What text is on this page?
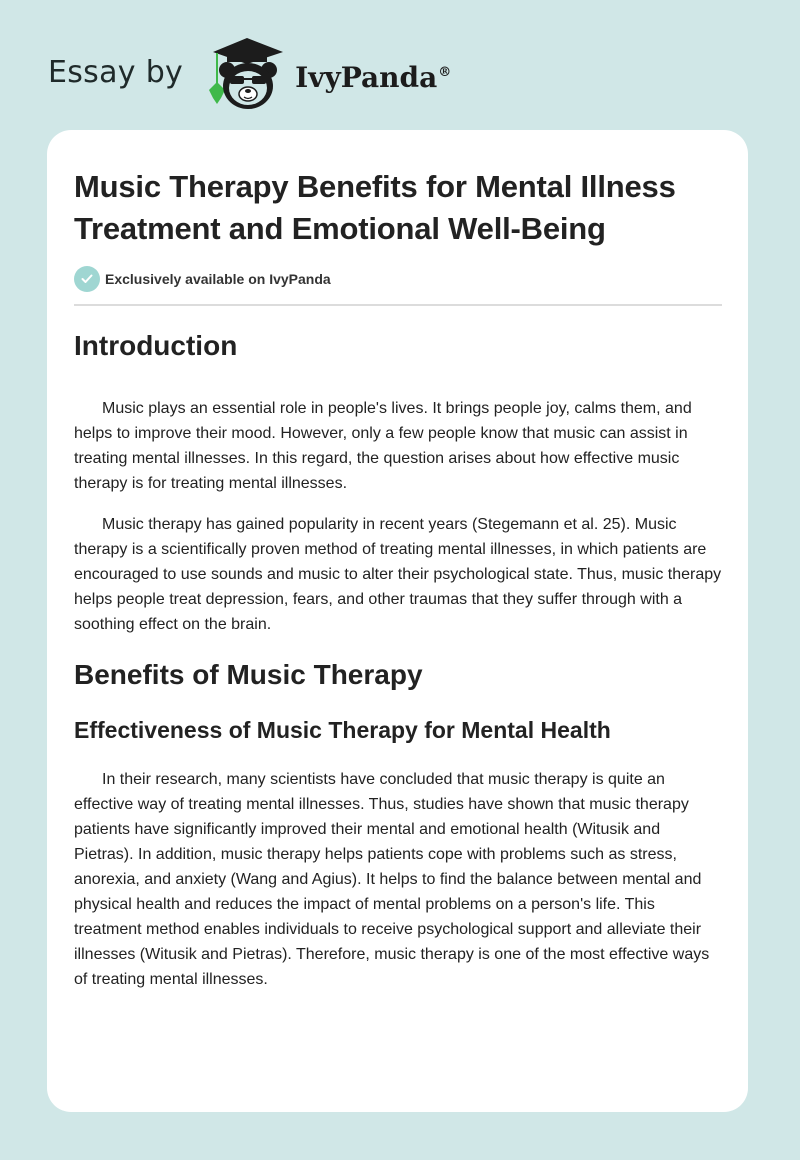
Essay by	IvyPanda®
Music Therapy Benefits for Mental Illness Treatment and Emotional Well-Being
Exclusively available on IvyPanda
Introduction

Music plays an essential role in people's lives. It brings people joy, calms them, and helps to improve their mood. However, only a few people know that music can assist in treating mental illnesses. In this regard, the question arises about how effective music therapy is for treating mental illnesses.

Music therapy has gained popularity in recent years (Stegemann et al. 25). Music therapy is a scientifically proven method of treating mental illnesses, in which patients are encouraged to use sounds and music to alter their psychological state. Thus, music therapy helps people treat depression, fears, and other traumas that they suffer through with a soothing effect on the brain.

Benefits of Music Therapy
Effectiveness of Music Therapy for Mental Health

In their research, many scientists have concluded that music therapy is quite an effective way of treating mental illnesses. Thus, studies have shown that music therapy patients have significantly improved their mental and emotional health (Witusik and Pietras). In addition, music therapy helps patients cope with problems such as stress, anorexia, and anxiety (Wang and Agius). It helps to find the balance between mental and physical health and reduces the impact of mental problems on a person's life. This treatment method enables individuals to receive psychological support and alleviate their illnesses (Witusik and Pietras). Therefore, music therapy is one of the most effective ways of treating mental illnesses.
